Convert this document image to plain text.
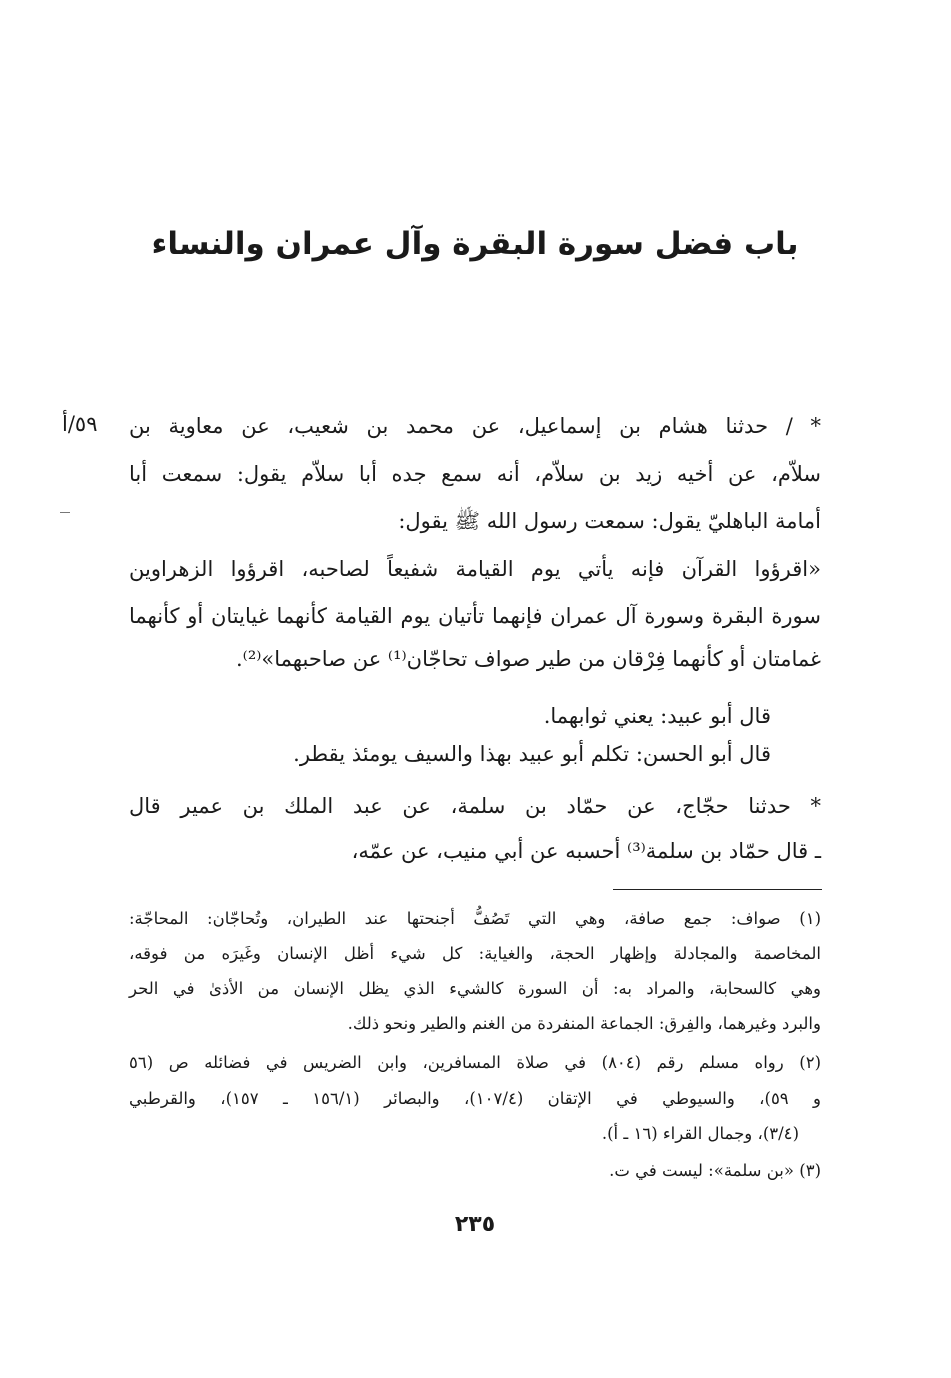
باب فضل سورة البقرة وآل عمران والنساء
٥٩/أ	* / حدثنا هشام بن إسماعيل، عن محمد بن شعيب، عن معاوية بن
سلاّم، عن أخيه زيد بن سلاّم، أنه سمع جده أبا سلاّم يقول: سمعت أبا
أمامة الباهليّ يقول: سمعت رسول الله ﷺ يقول:
«اقرؤوا القرآن فإنه يأتي يوم القيامة شفيعاً لصاحبه، اقرؤوا الزهراوين
سورة البقرة وسورة آل عمران فإنهما تأتيان يوم القيامة كأنهما غيايتان أو كأنهما
غمامتان أو كأنهما فِرْقان من طير صواف تحاجّان⁽¹⁾ عن صاحبهما»⁽²⁾.
قال أبو عبيد: يعني ثوابهما.
قال أبو الحسن: تكلم أبو عبيد بهذا والسيف يومئذ يقطر.
* حدثنا حجّاج، عن حمّاد بن سلمة، عن عبد الملك بن عمير قال
ـ قال حمّاد بن سلمة⁽³⁾ أحسبه عن أبي منيب، عن عمّه،
(١) صواف: جمع صافة، وهي التي تَصُفُّ أجنحتها عند الطيران، وتُحاجّان: المحاجّة:
المخاصمة والمجادلة وإظهار الحجة، والغياية: كل شيء أظل الإنسان وغَيرَه من فوقه،
وهي كالسحابة، والمراد به: أن السورة كالشيء الذي يظل الإنسان من الأذىٰ في الحر
والبرد وغيرهما، والفِرق: الجماعة المنفردة من الغنم والطير ونحو ذلك.
(٢) رواه مسلم رقم (٨٠٤) في صلاة المسافرين، وابن الضريس في فضائله ص (٥٦
و ٥٩)، والسيوطي في الإتقان (١٠٧/٤)، والبصائر (١٥٦/١ ـ ١٥٧)، والقرطبي
(٣/٤)، وجمال القراء (١٦ ـ أ).
(٣) «بن سلمة»: ليست في ت.
٢٣٥
